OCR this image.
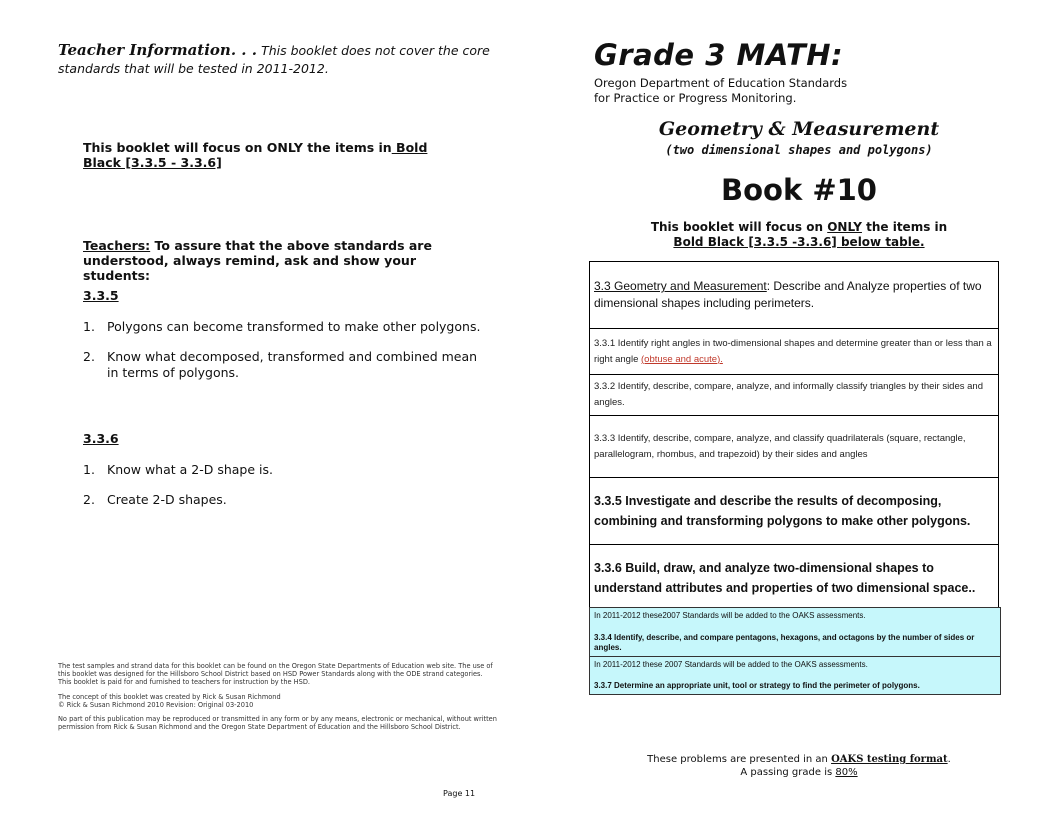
Teacher Information. . . This booklet does not cover the core standards that will be tested in 2011-2012.
This booklet will focus on ONLY the items in Bold Black [3.3.5 - 3.3.6]
Teachers: To assure that the above standards are understood, always remind, ask and show your students:
3.3.5
1. Polygons can become transformed to make other polygons.
2. Know what decomposed, transformed and combined mean in terms of polygons.
3.3.6
1. Know what a 2-D shape is.
2. Create 2-D shapes.

The test samples and strand data for this booklet can be found on the Oregon State Departments of Education web site. The use of this booklet was designed for the Hillsboro School District based on HSD Power Standards along with the ODE strand categories. This booklet is paid for and furnished to teachers for instruction by the HSD.

The concept of this booklet was created by Rick & Susan Richmond
© Rick & Susan Richmond 2010 Revision: Original 03-2010

No part of this publication may be reproduced or transmitted in any form or by any means, electronic or mechanical, without written permission from Rick & Susan Richmond and the Oregon State Department of Education and the Hillsboro School District.

Page 11
Grade 3 MATH:
Oregon Department of Education Standards
for Practice or Progress Monitoring.
Geometry & Measurement
(two dimensional shapes and polygons)
Book #10
This booklet will focus on ONLY the items in
Bold Black [3.3.5 -3.3.6] below table.
3.3 Geometry and Measurement: Describe and Analyze properties of two dimensional shapes including perimeters.
3.3.1 Identify right angles in two-dimensional shapes and determine greater than or less than a right angle (obtuse and acute).
3.3.2 Identify, describe, compare, analyze, and informally classify triangles by their sides and angles.
3.3.3 Identify, describe, compare, analyze, and classify quadrilaterals (square, rectangle, parallelogram, rhombus, and trapezoid) by their sides and angles
3.3.5 Investigate and describe the results of decomposing, combining and transforming polygons to make other polygons.
3.3.6 Build, draw, and analyze two-dimensional shapes to understand attributes and properties of two dimensional space..

In 2011-2012 these2007 Standards will be added to the OAKS assessments.

3.3.4 Identify, describe, and compare pentagons, hexagons, and octagons by the number of sides or angles.

In 2011-2012 these 2007 Standards will be added to the OAKS assessments.

3.3.7 Determine an appropriate unit, tool or strategy to find the perimeter of polygons.

These problems are presented in an OAKS testing format.
A passing grade is 80%
